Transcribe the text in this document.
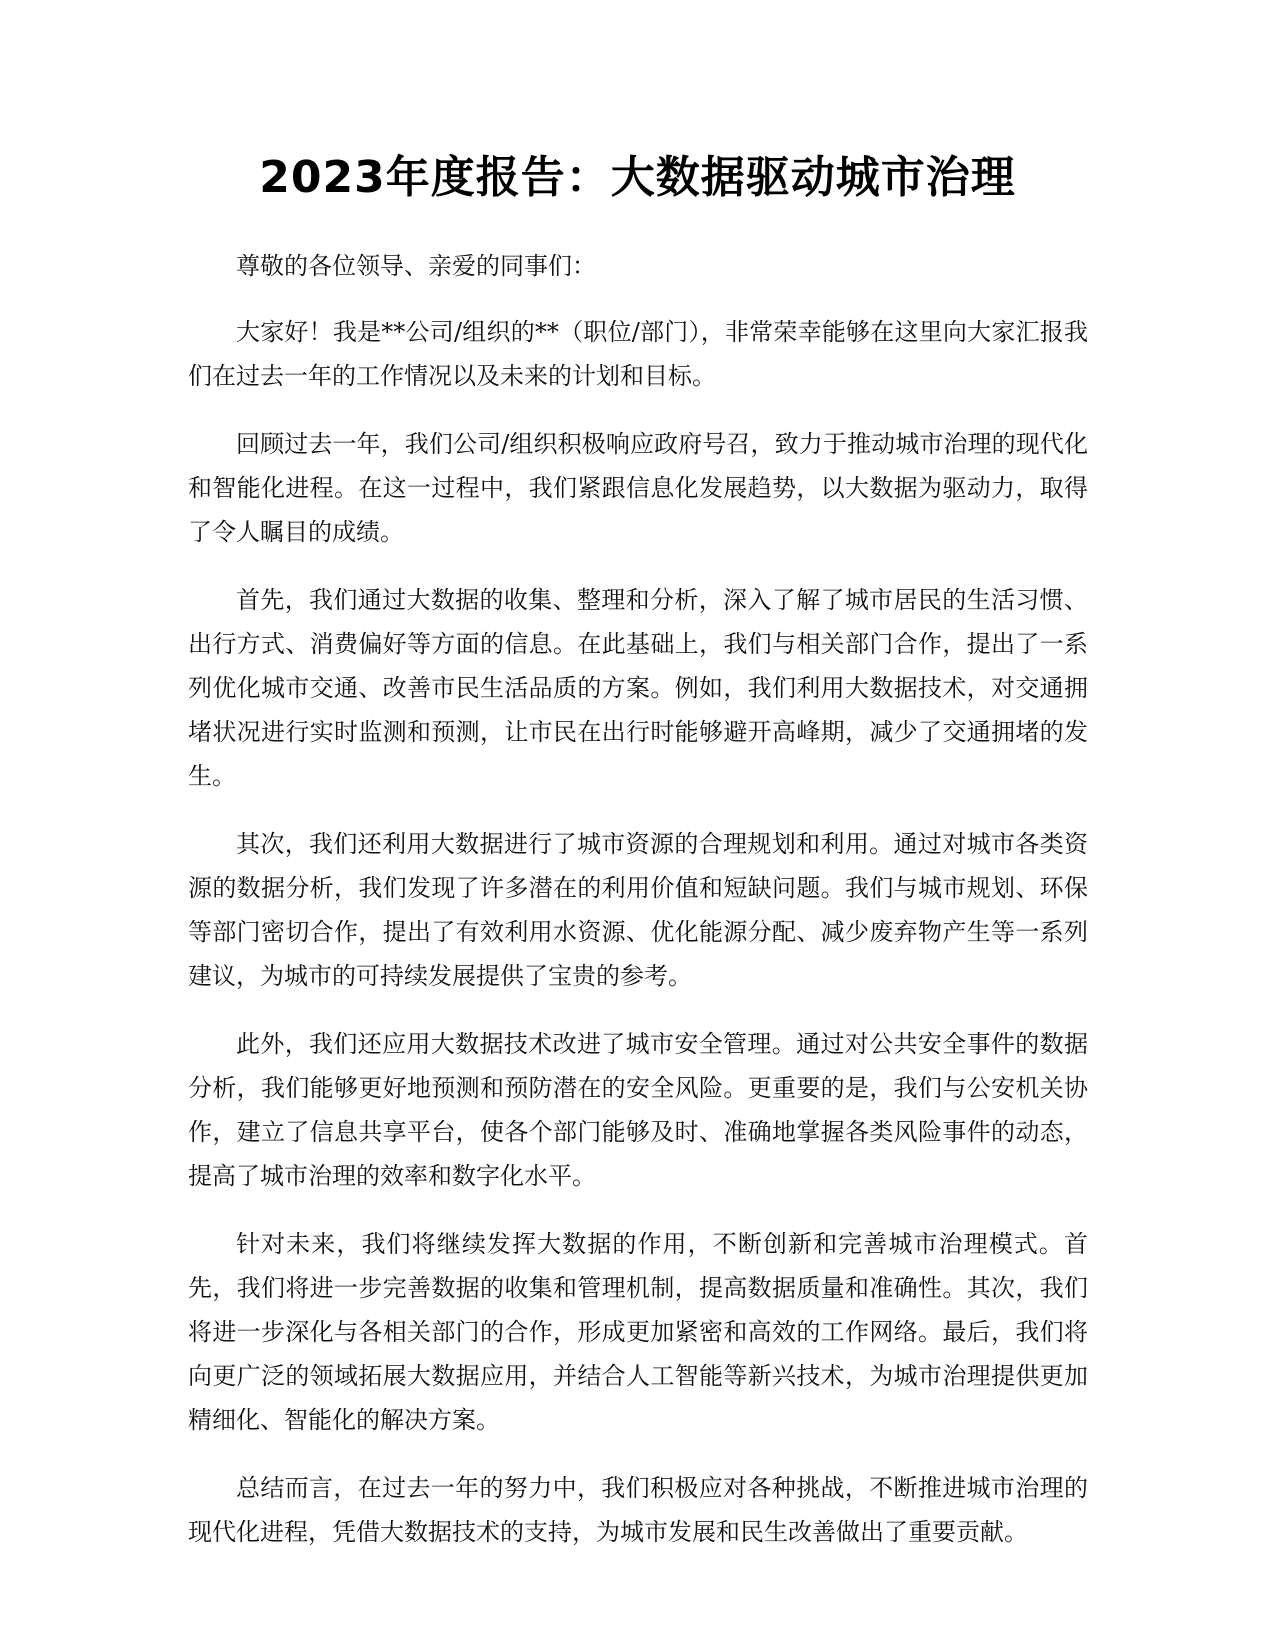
2023年度报告：大数据驱动城市治理

尊敬的各位领导、亲爱的同事们：

大家好！我是**公司/组织的**（职位/部门），非常荣幸能够在这里向大家汇报我们在过去一年的工作情况以及未来的计划和目标。

回顾过去一年，我们公司/组织积极响应政府号召，致力于推动城市治理的现代化和智能化进程。在这一过程中，我们紧跟信息化发展趋势，以大数据为驱动力，取得了令人瞩目的成绩。

首先，我们通过大数据的收集、整理和分析，深入了解了城市居民的生活习惯、出行方式、消费偏好等方面的信息。在此基础上，我们与相关部门合作，提出了一系列优化城市交通、改善市民生活品质的方案。例如，我们利用大数据技术，对交通拥堵状况进行实时监测和预测，让市民在出行时能够避开高峰期，减少了交通拥堵的发生。

其次，我们还利用大数据进行了城市资源的合理规划和利用。通过对城市各类资源的数据分析，我们发现了许多潜在的利用价值和短缺问题。我们与城市规划、环保等部门密切合作，提出了有效利用水资源、优化能源分配、减少废弃物产生等一系列建议，为城市的可持续发展提供了宝贵的参考。

此外，我们还应用大数据技术改进了城市安全管理。通过对公共安全事件的数据分析，我们能够更好地预测和预防潜在的安全风险。更重要的是，我们与公安机关协作，建立了信息共享平台，使各个部门能够及时、准确地掌握各类风险事件的动态，提高了城市治理的效率和数字化水平。

针对未来，我们将继续发挥大数据的作用，不断创新和完善城市治理模式。首先，我们将进一步完善数据的收集和管理机制，提高数据质量和准确性。其次，我们将进一步深化与各相关部门的合作，形成更加紧密和高效的工作网络。最后，我们将向更广泛的领域拓展大数据应用，并结合人工智能等新兴技术，为城市治理提供更加精细化、智能化的解决方案。

总结而言，在过去一年的努力中，我们积极应对各种挑战，不断推进城市治理的现代化进程，凭借大数据技术的支持，为城市发展和民生改善做出了重要贡献。
